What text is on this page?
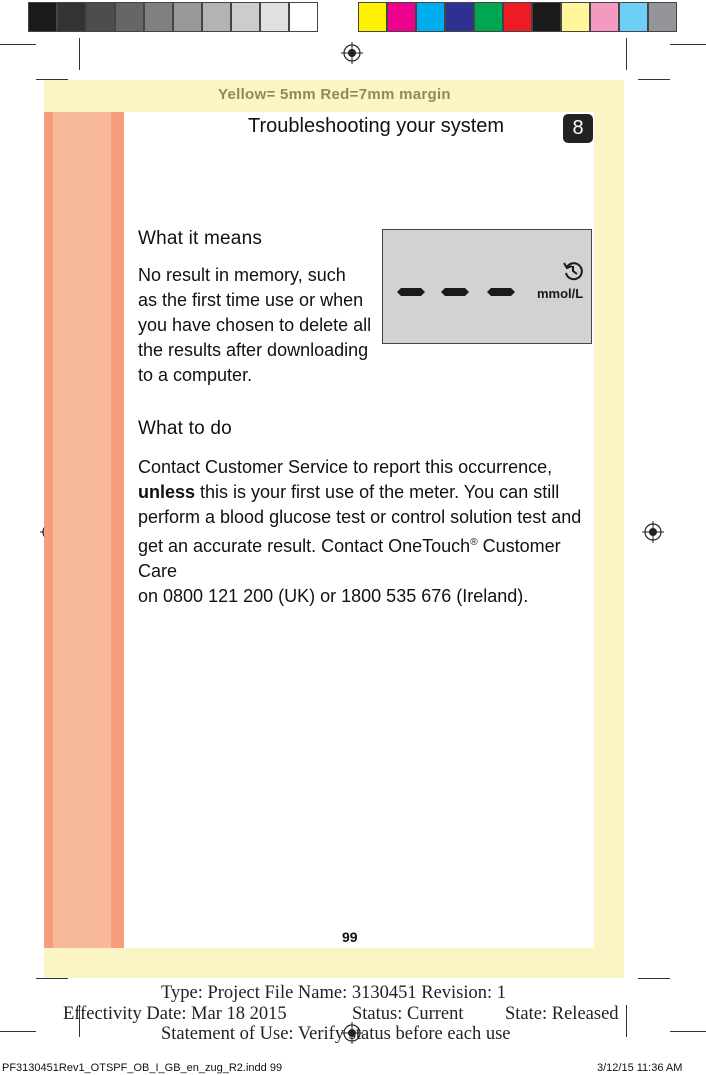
Yellow= 5mm Red=7mm margin
Troubleshooting your system	8
What it means
No result in memory, such
as the first time use or when
you have chosen to delete all
the results after downloading
to a computer.
mmol/L
What to do
Contact Customer Service to report this occurrence,
unless this is your first use of the meter. You can still
perform a blood glucose test or control solution test and
get an accurate result. Contact OneTouch® Customer Care
on 0800 121 200 (UK) or 1800 535 676 (Ireland).
99
Type: Project File Name: 3130451 Revision: 1
Effectivity Date: Mar 18 2015	Status: Current State: Released
Statement of Use: Verify status before each use
PF3130451Rev1_OTSPF_OB_I_GB_en_zug_R2.indd 99	3/12/15 11:36 AM
